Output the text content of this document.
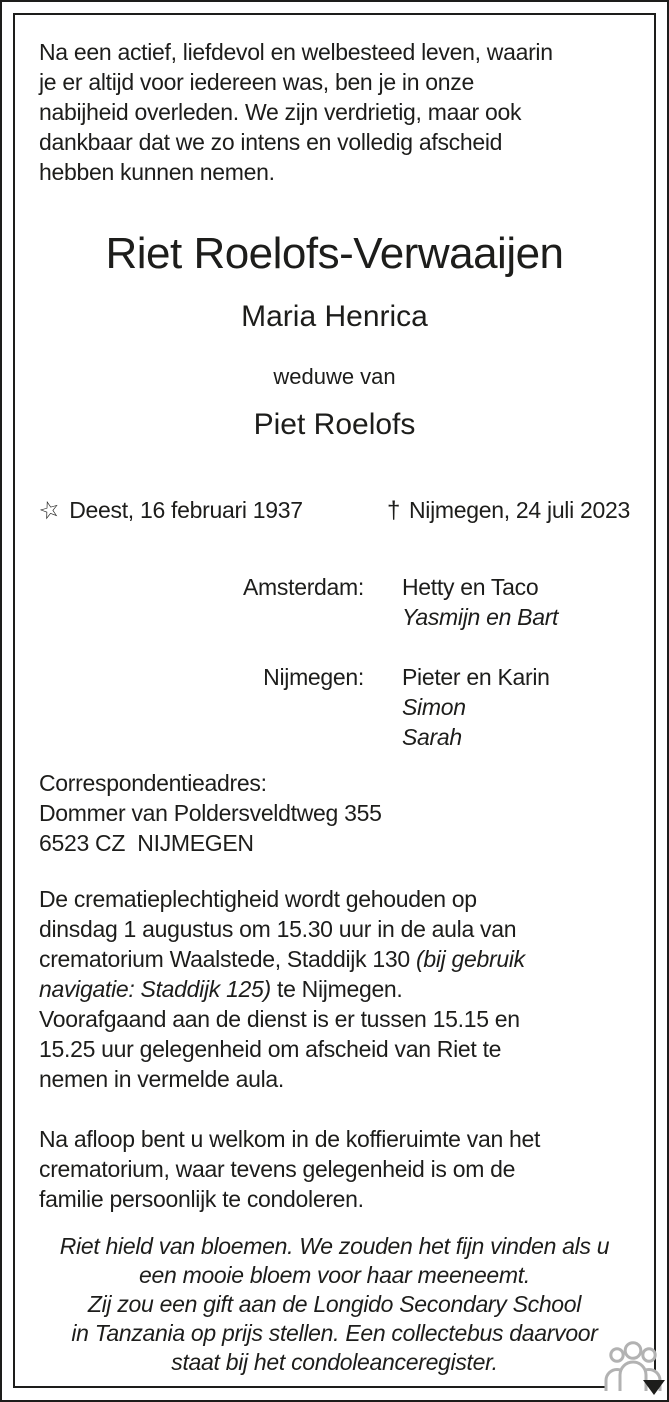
Na een actief, liefdevol en welbesteed leven, waarin
je er altijd voor iedereen was, ben je in onze
nabijheid overleden. We zijn verdrietig, maar ook
dankbaar dat we zo intens en volledig afscheid
hebben kunnen nemen.
Riet Roelofs-Verwaaijen
Maria Henrica
weduwe van
Piet Roelofs
☆ Deest, 16 februari 1937	† Nijmegen, 24 juli 2023
Amsterdam: Hetty en Taco
Yasmijn en Bart
Nijmegen: Pieter en Karin
Simon
Sarah
Correspondentieadres:
Dommer van Poldersveldtweg 355
6523 CZ  NIJMEGEN
De crematieplechtigheid wordt gehouden op
dinsdag 1 augustus om 15.30 uur in de aula van
crematorium Waalstede, Staddijk 130 (bij gebruik
navigatie: Staddijk 125) te Nijmegen.
Voorafgaand aan de dienst is er tussen 15.15 en
15.25 uur gelegenheid om afscheid van Riet te
nemen in vermelde aula.
Na afloop bent u welkom in de koffieruimte van het
crematorium, waar tevens gelegenheid is om de
familie persoonlijk te condoleren.
Riet hield van bloemen. We zouden het fijn vinden als u
een mooie bloem voor haar meeneemt.
Zij zou een gift aan de Longido Secondary School
in Tanzania op prijs stellen. Een collectebus daarvoor
staat bij het condoleanceregister.
